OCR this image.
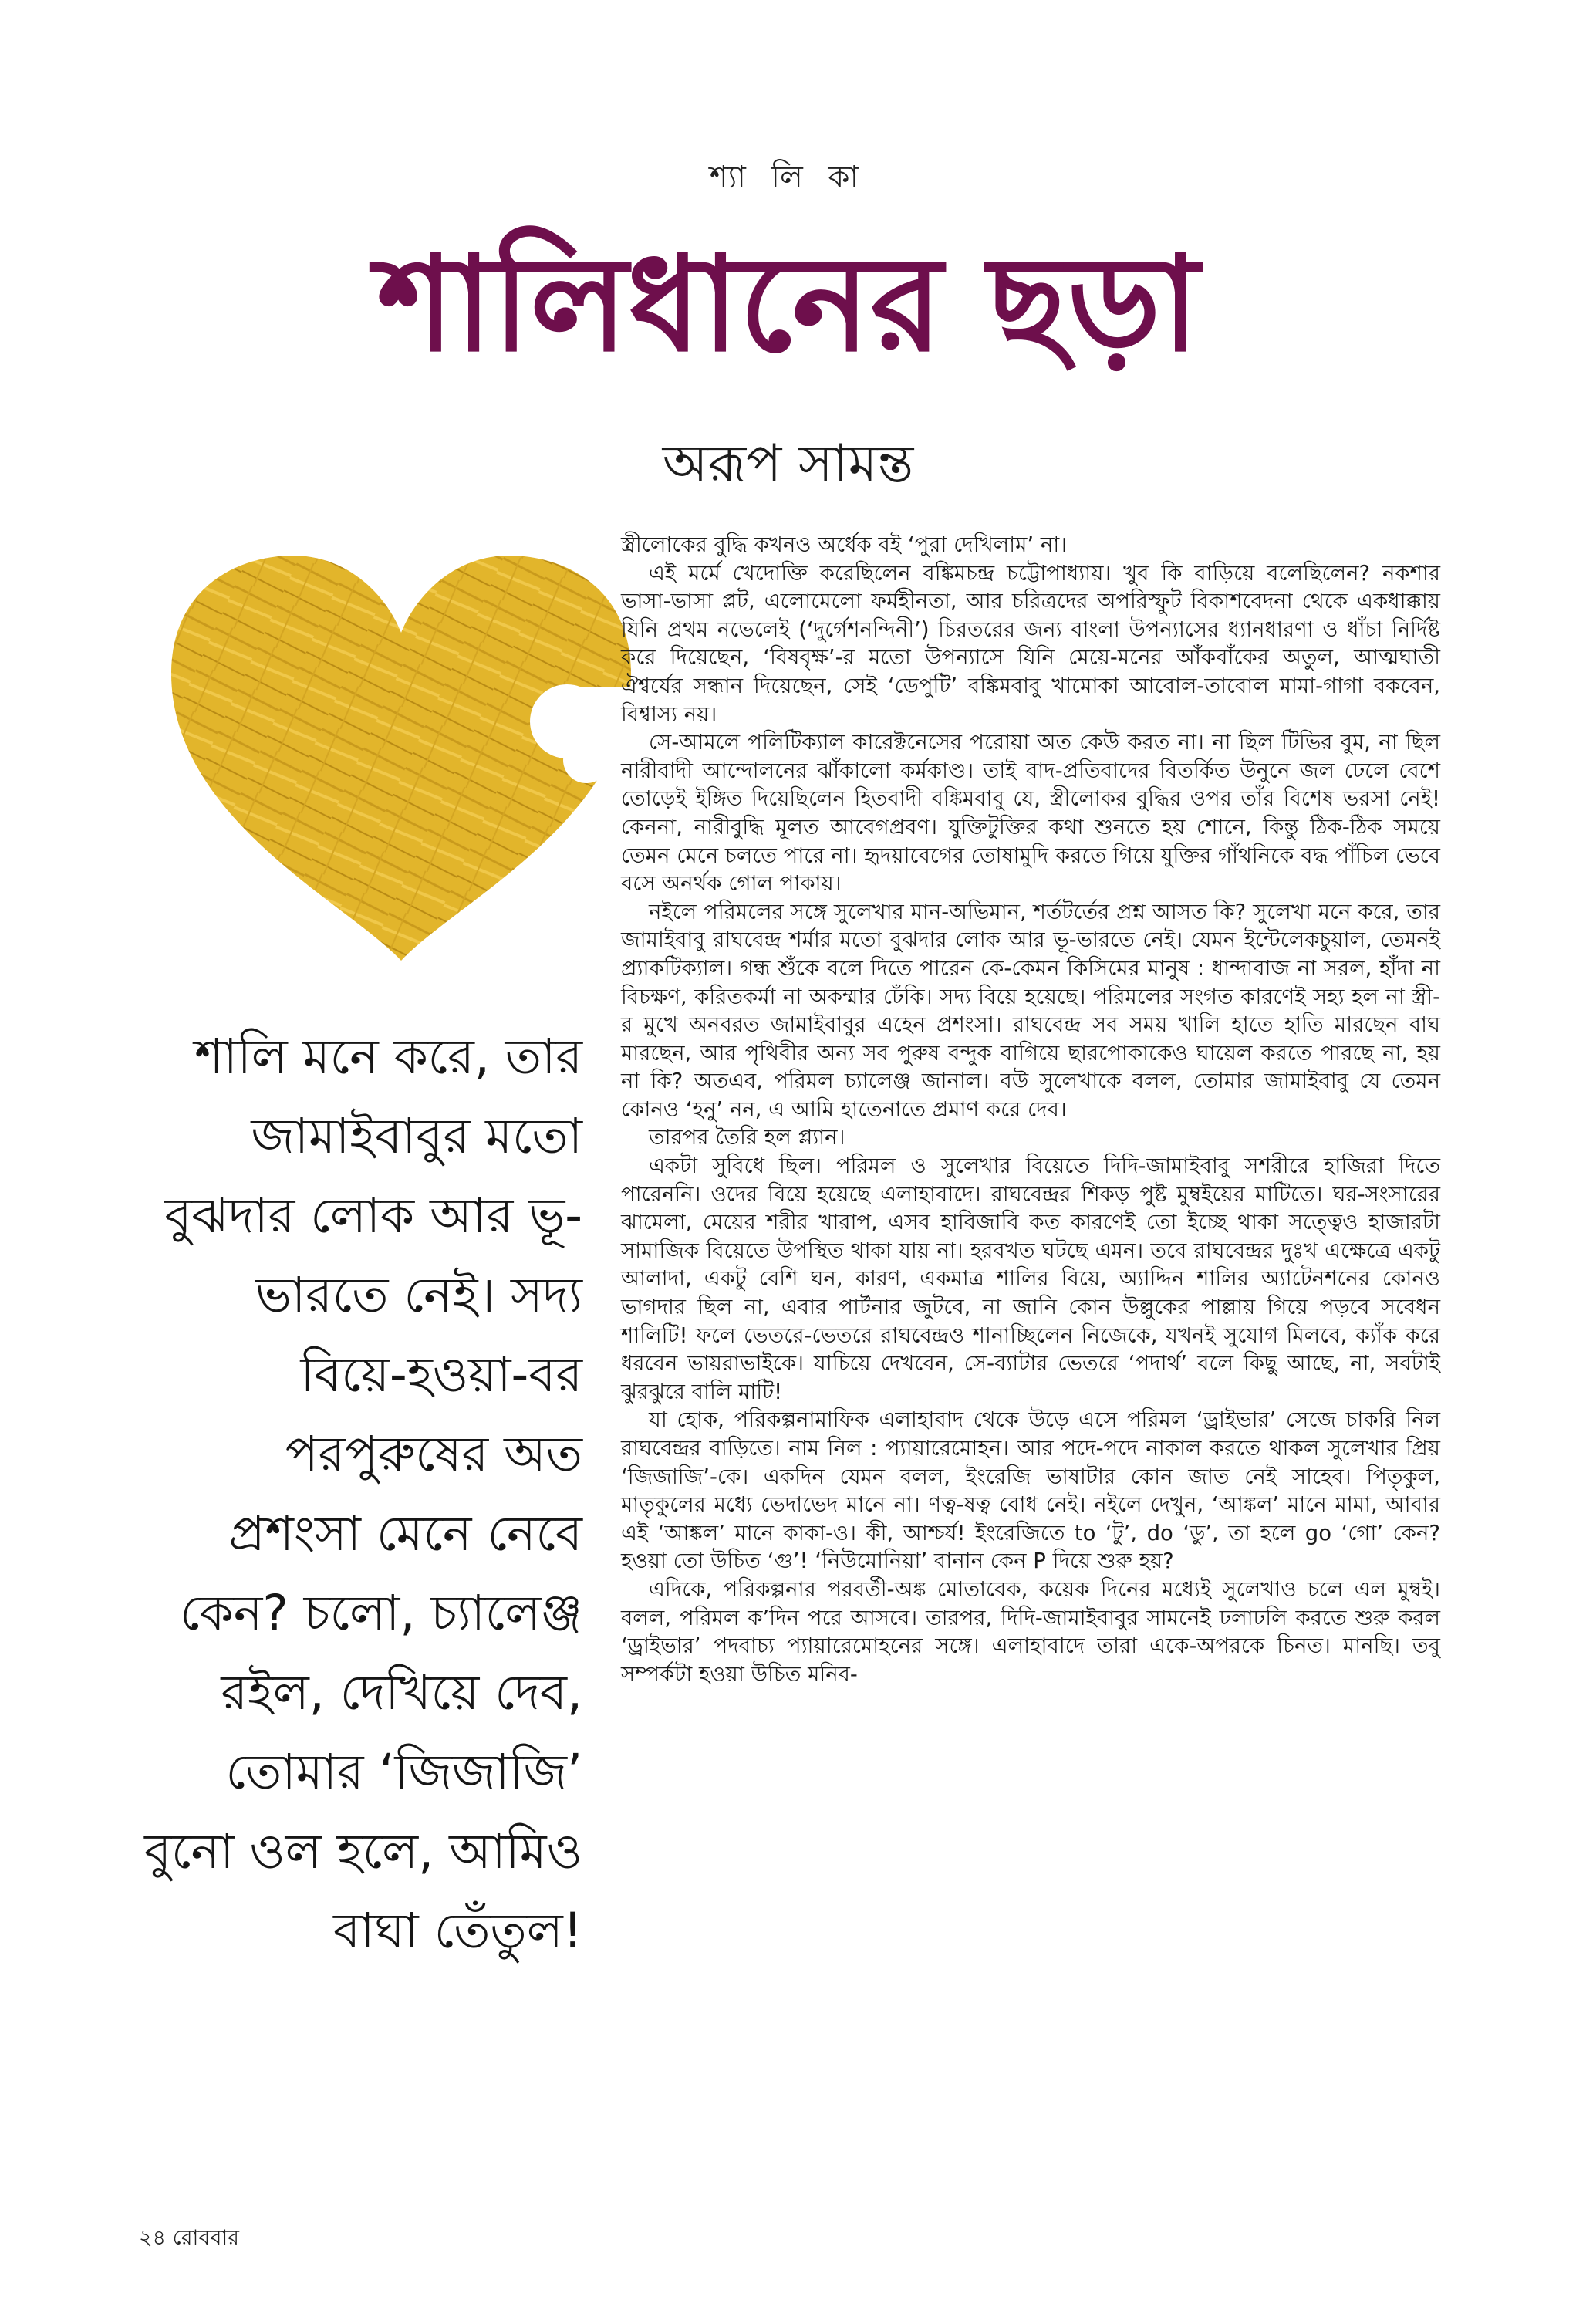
শ্যা লি কা
শালিধানের ছড়া
অরূপ সামন্ত
শালি মনে করে, তার জামাইবাবুর মতো বুঝদার লোক আর ভূ-ভারতে নেই। সদ্য বিয়ে-হওয়া-বর পরপুরুষের অত প্রশংসা মেনে নেবে কেন? চলো, চ্যালেঞ্জ রইল, দেখিয়ে দেব, তোমার ‘জিজাজি’ বুনো ওল হলে, আমিও বাঘা তেঁতুল!

স্ত্রীলোকের বুদ্ধি কখনও অর্ধেক বই ‘পুরা দেখিলাম’ না।

এই মর্মে খেদোক্তি করেছিলেন বঙ্কিমচন্দ্র চট্টোপাধ্যায়। খুব কি বাড়িয়ে বলেছিলেন? নকশার ভাসা-ভাসা প্লট, এলোমেলো ফর্মহীনতা, আর চরিত্রদের অপরিস্ফুট বিকাশবেদনা থেকে একধাক্কায় যিনি প্রথম নভেলেই (‘দুর্গেশনন্দিনী’) চিরতরের জন্য বাংলা উপন্যাসের ধ্যানধারণা ও ধাঁচা নির্দিষ্ট করে দিয়েছেন, ‘বিষবৃক্ষ’-র মতো উপন্যাসে যিনি মেয়ে-মনের আঁকবাঁকের অতুল, আত্মঘাতী ঐশ্বর্যের সন্ধান দিয়েছেন, সেই ‘ডেপুটি’ বঙ্কিমবাবু খামোকা আবোল-তাবোল মামা-গাগা বকবেন, বিশ্বাস্য নয়।

সে-আমলে পলিটিক্যাল কারেক্টনেসের পরোয়া অত কেউ করত না। না ছিল টিভির বুম, না ছিল নারীবাদী আন্দোলনের ঝাঁকালো কর্মকাণ্ড। তাই বাদ-প্রতিবাদের বিতর্কিত উনুনে জল ঢেলে বেশে তোড়েই ইঙ্গিত দিয়েছিলেন হিতবাদী বঙ্কিমবাবু যে, স্ত্রীলোকর বুদ্ধির ওপর তাঁর বিশেষ ভরসা নেই! কেননা, নারীবুদ্ধি মূলত আবেগপ্রবণ। যুক্তিটুক্তির কথা শুনতে হয় শোনে, কিন্তু ঠিক-ঠিক সময়ে তেমন মেনে চলতে পারে না। হৃদয়াবেগের তোষামুদি করতে গিয়ে যুক্তির গাঁথনিকে বদ্ধ পাঁচিল ভেবে বসে অনর্থক গোল পাকায়।

নইলে পরিমলের সঙ্গে সুলেখার মান-অভিমান, শর্তটর্তের প্রশ্ন আসত কি? সুলেখা মনে করে, তার জামাইবাবু রাঘবেন্দ্র শর্মার মতো বুঝদার লোক আর ভূ-ভারতে নেই। যেমন ইন্টেলেকচুয়াল, তেমনই প্র্যাকটিক্যাল। গন্ধ শুঁকে বলে দিতে পারেন কে-কেমন কিসিমের মানুষ : ধান্দাবাজ না সরল, হাঁদা না বিচক্ষণ, করিতকর্মা না অকম্মার ঢেঁকি। সদ্য বিয়ে হয়েছে। পরিমলের সংগত কারণেই সহ্য হল না স্ত্রী-র মুখে অনবরত জামাইবাবুর এহেন প্রশংসা। রাঘবেন্দ্র সব সময় খালি হাতে হাতি মারছেন বাঘ মারছেন, আর পৃথিবীর অন্য সব পুরুষ বন্দুক বাগিয়ে ছারপোকাকেও ঘায়েল করতে পারছে না, হয় না কি? অতএব, পরিমল চ্যালেঞ্জ জানাল। বউ সুলেখাকে বলল, তোমার জামাইবাবু যে তেমন কোনও ‘হনু’ নন, এ আমি হাতেনাতে প্রমাণ করে দেব।

তারপর তৈরি হল প্ল্যান।

একটা সুবিধে ছিল। পরিমল ও সুলেখার বিয়েতে দিদি-জামাইবাবু সশরীরে হাজিরা দিতে পারেননি। ওদের বিয়ে হয়েছে এলাহাবাদে। রাঘবেন্দ্রর শিকড় পুষ্ট মুম্বইয়ের মাটিতে। ঘর-সংসারের ঝামেলা, মেয়ের শরীর খারাপ, এসব হাবিজাবি কত কারণেই তো ইচ্ছে থাকা সত্ত্বেও হাজারটা সামাজিক বিয়েতে উপস্থিত থাকা যায় না। হরবখত ঘটছে এমন। তবে রাঘবেন্দ্রর দুঃখ এক্ষেত্রে একটু আলাদা, একটু বেশি ঘন, কারণ, একমাত্র শালির বিয়ে, অ্যাদ্দিন শালির অ্যাটেনশনের কোনও ভাগদার ছিল না, এবার পার্টনার জুটবে, না জানি কোন উল্লুকের পাল্লায় গিয়ে পড়বে সবেধন শালিটি! ফলে ভেতরে-ভেতরে রাঘবেন্দ্রও শানাচ্ছিলেন নিজেকে, যখনই সুযোগ মিলবে, ক্যাঁক করে ধরবেন ভায়রাভাইকে। যাচিয়ে দেখবেন, সে-ব্যাটার ভেতরে ‘পদার্থ’ বলে কিছু আছে, না, সবটাই ঝুরঝুরে বালি মাটি!

যা হোক, পরিকল্পনামাফিক এলাহাবাদ থেকে উড়ে এসে পরিমল ‘ড্রাইভার’ সেজে চাকরি নিল রাঘবেন্দ্রর বাড়িতে। নাম নিল : প্যায়ারেমোহন। আর পদে-পদে নাকাল করতে থাকল সুলেখার প্রিয় ‘জিজাজি’-কে। একদিন যেমন বলল, ইংরেজি ভাষাটার কোন জাত নেই সাহেব। পিতৃকুল, মাতৃকুলের মধ্যে ভেদাভেদ মানে না। ণত্ব-ষত্ব বোধ নেই। নইলে দেখুন, ‘আঙ্কল’ মানে মামা, আবার এই ‘আঙ্কল’ মানে কাকা-ও। কী, আশ্চর্য! ইংরেজিতে to ‘টু’, do ‘ডু’, তা হলে go ‘গো’ কেন? হওয়া তো উচিত ‘গু’! ‘নিউমোনিয়া’ বানান কেন P দিয়ে শুরু হয়?

এদিকে, পরিকল্পনার পরবর্তী-অঙ্ক মোতাবেক, কয়েক দিনের মধ্যেই সুলেখাও চলে এল মুম্বই। বলল, পরিমল ক’দিন পরে আসবে। তারপর, দিদি-জামাইবাবুর সামনেই ঢলাঢলি করতে শুরু করল ‘ড্রাইভার’ পদবাচ্য প্যায়ারেমোহনের সঙ্গে। এলাহাবাদে তারা একে-অপরকে চিনত। মানছি। তবু সম্পর্কটা হওয়া উচিত মনিব-

২৪ রোববার
